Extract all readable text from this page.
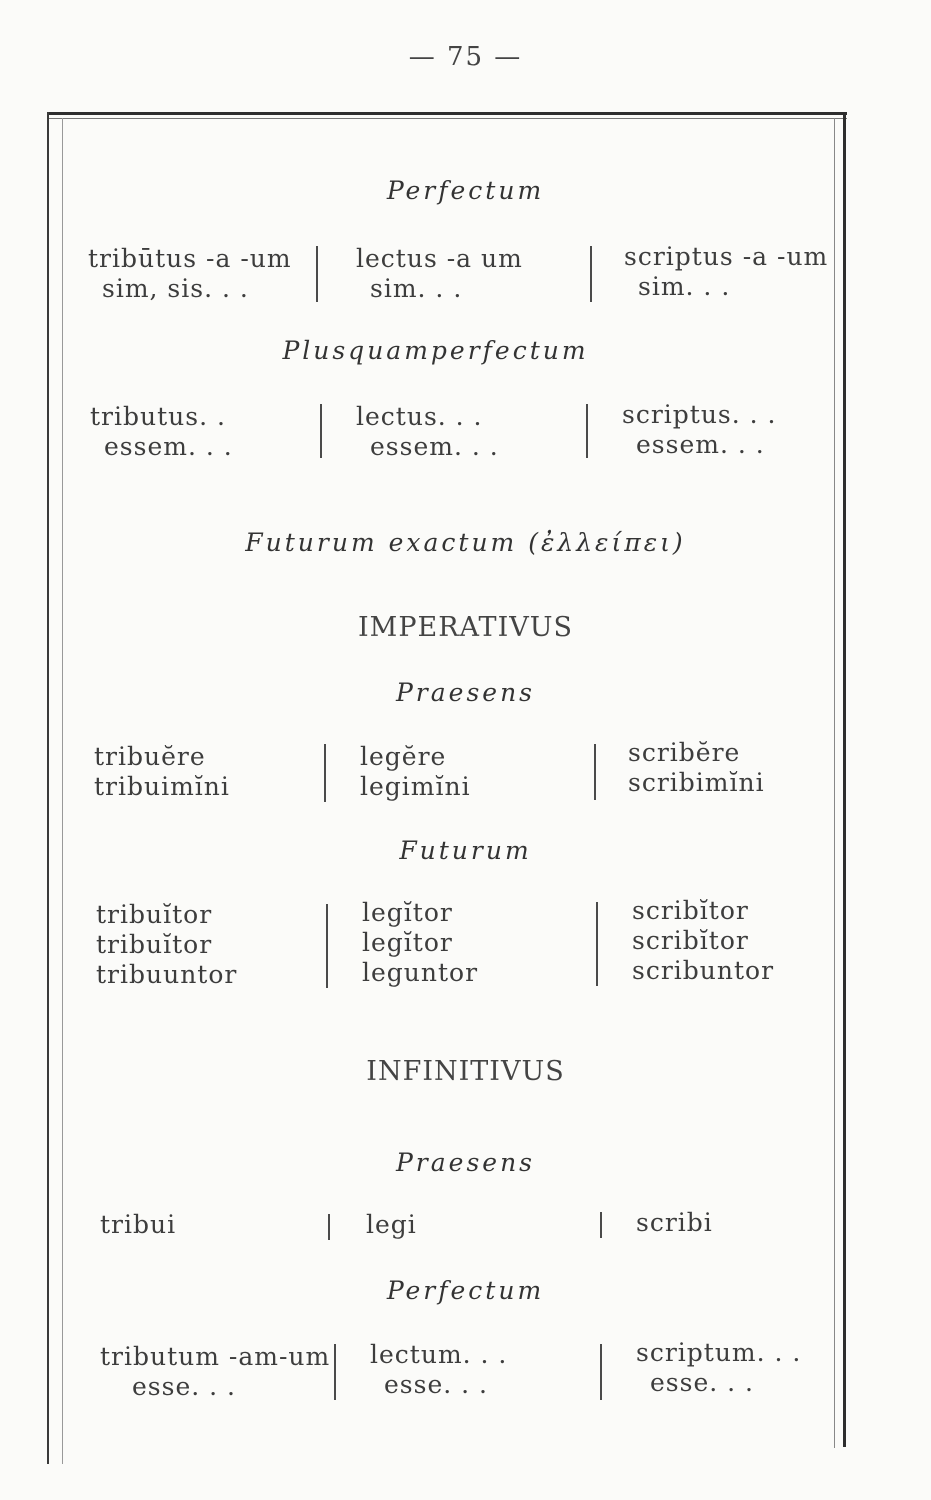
— 75 —
Perfectum
tribūtus -a -um
sim, sis. . .
lectus -a um
sim. . .
scriptus -a -um
sim. . .
Plusquamperfectum
tributus. .
essem. . .
lectus. . .
essem. . .
scriptus. . .
essem. . .
Futurum exactum (ἐλλείπει)
IMPERATIVUS
Praesens
tribuĕre
tribuimĭni
legĕre
legimĭni
scribĕre
scribimĭni
Futurum
tribuĭtor
tribuĭtor
tribuuntor
legĭtor
legĭtor
leguntor
scribĭtor
scribĭtor
scribuntor
INFINITIVUS
Praesens
tribui	legi	scribi
Perfectum
tributum -am-um
esse. . .
lectum. . .
esse. . .
scriptum. . .
esse. . .
